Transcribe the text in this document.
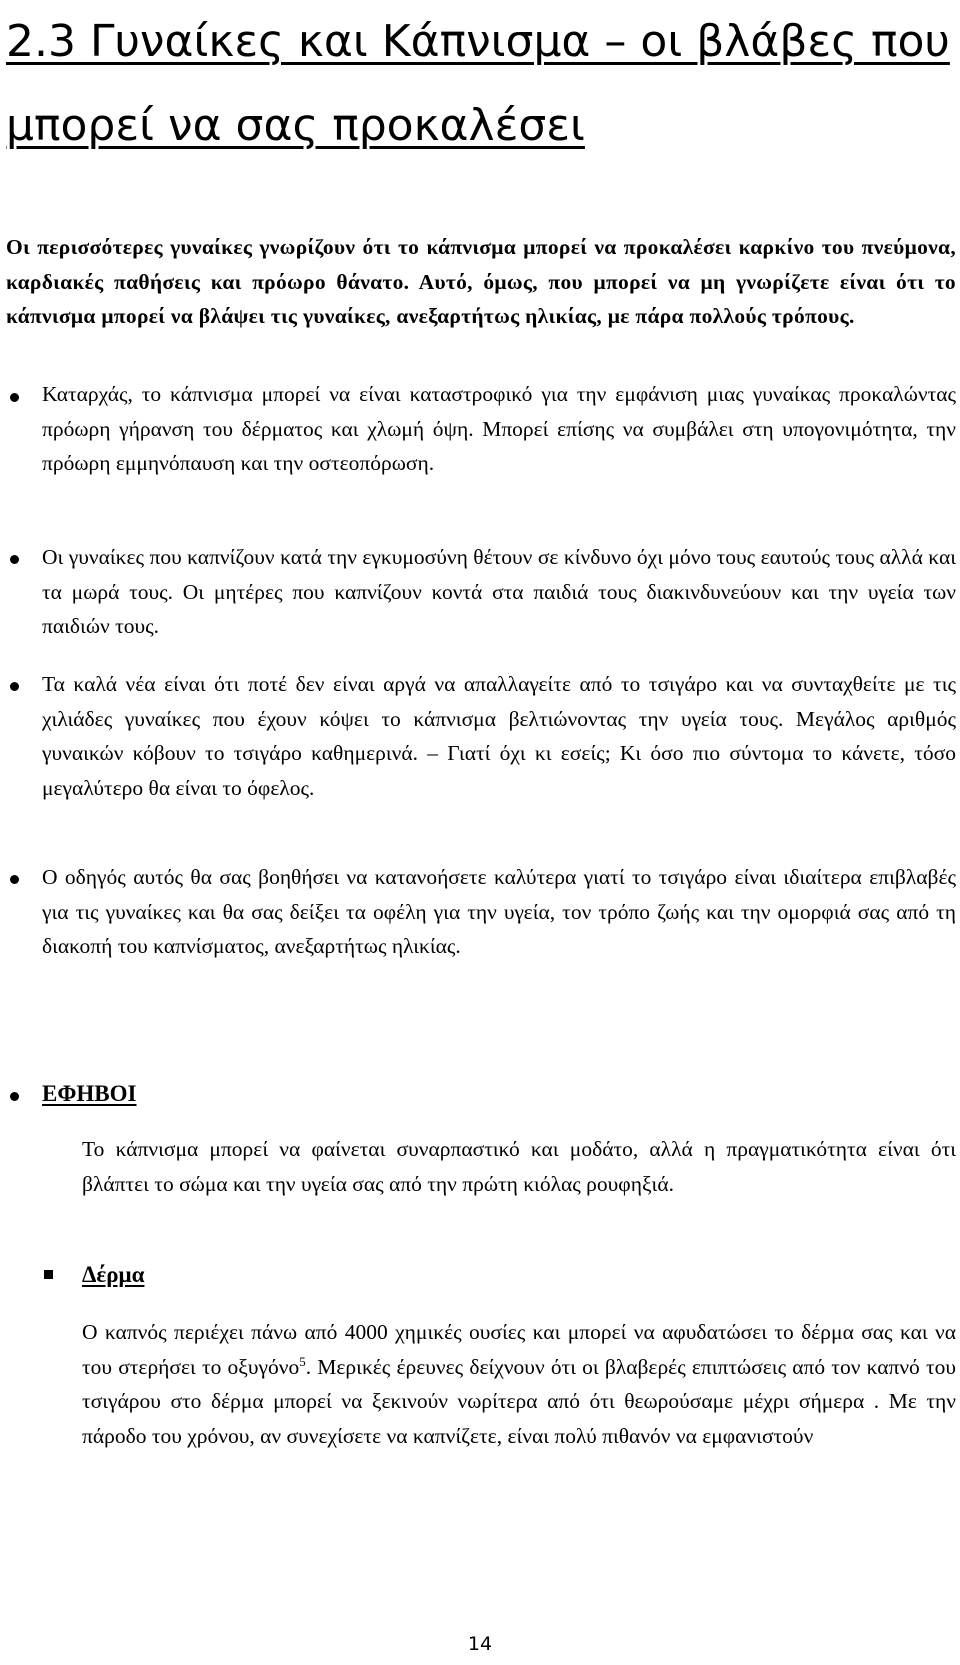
2.3 Γυναίκες και Κάπνισμα – οι βλάβες που μπορεί να σας προκαλέσει

Οι περισσότερες γυναίκες γνωρίζουν ότι το κάπνισμα μπορεί να προκαλέσει καρκίνο του πνεύμονα, καρδιακές παθήσεις και πρόωρο θάνατο. Αυτό, όμως, που μπορεί να μη γνωρίζετε είναι ότι το κάπνισμα μπορεί να βλάψει τις γυναίκες, ανεξαρτήτως ηλικίας, με πάρα πολλούς τρόπους.

Καταρχάς, το κάπνισμα μπορεί να είναι καταστροφικό για την εμφάνιση μιας γυναίκας προκαλώντας πρόωρη γήρανση του δέρματος και χλωμή όψη. Μπορεί επίσης να συμβάλει στη υπογονιμότητα, την πρόωρη εμμηνόπαυση και την οστεοπόρωση.

Οι γυναίκες που καπνίζουν κατά την εγκυμοσύνη θέτουν σε κίνδυνο όχι μόνο τους εαυτούς τους αλλά και τα μωρά τους. Οι μητέρες που καπνίζουν κοντά στα παιδιά τους διακινδυνεύουν και την υγεία των παιδιών τους.

Τα καλά νέα είναι ότι ποτέ δεν είναι αργά να απαλλαγείτε από το τσιγάρο και να συνταχθείτε με τις χιλιάδες γυναίκες που έχουν κόψει το κάπνισμα βελτιώνοντας την υγεία τους. Μεγάλος αριθμός γυναικών κόβουν το τσιγάρο καθημερινά. – Γιατί όχι κι εσείς; Κι όσο πιο σύντομα το κάνετε, τόσο μεγαλύτερο θα είναι το όφελος.

Ο οδηγός αυτός θα σας βοηθήσει να κατανοήσετε καλύτερα γιατί το τσιγάρο είναι ιδιαίτερα επιβλαβές για τις γυναίκες και θα σας δείξει τα οφέλη για την υγεία, τον τρόπο ζωής και την ομορφιά σας από τη διακοπή του καπνίσματος, ανεξαρτήτως ηλικίας.

ΕΦΗΒΟΙ

Το κάπνισμα μπορεί να φαίνεται συναρπαστικό και μοδάτο, αλλά η πραγματικότητα είναι ότι βλάπτει το σώμα και την υγεία σας από την πρώτη κιόλας ρουφηξιά.

Δέρμα

Ο καπνός περιέχει πάνω από 4000 χημικές ουσίες και μπορεί να αφυδατώσει το δέρμα σας και να του στερήσει το οξυγόνο$^5$. Μερικές έρευνες δείχνουν ότι οι βλαβερές επιπτώσεις από τον καπνό του τσιγάρου στο δέρμα μπορεί να ξεκινούν νωρίτερα από ότι θεωρούσαμε μέχρι σήμερα . Με την πάροδο του χρόνου, αν συνεχίσετε να καπνίζετε, είναι πολύ πιθανόν να εμφανιστούν

14
